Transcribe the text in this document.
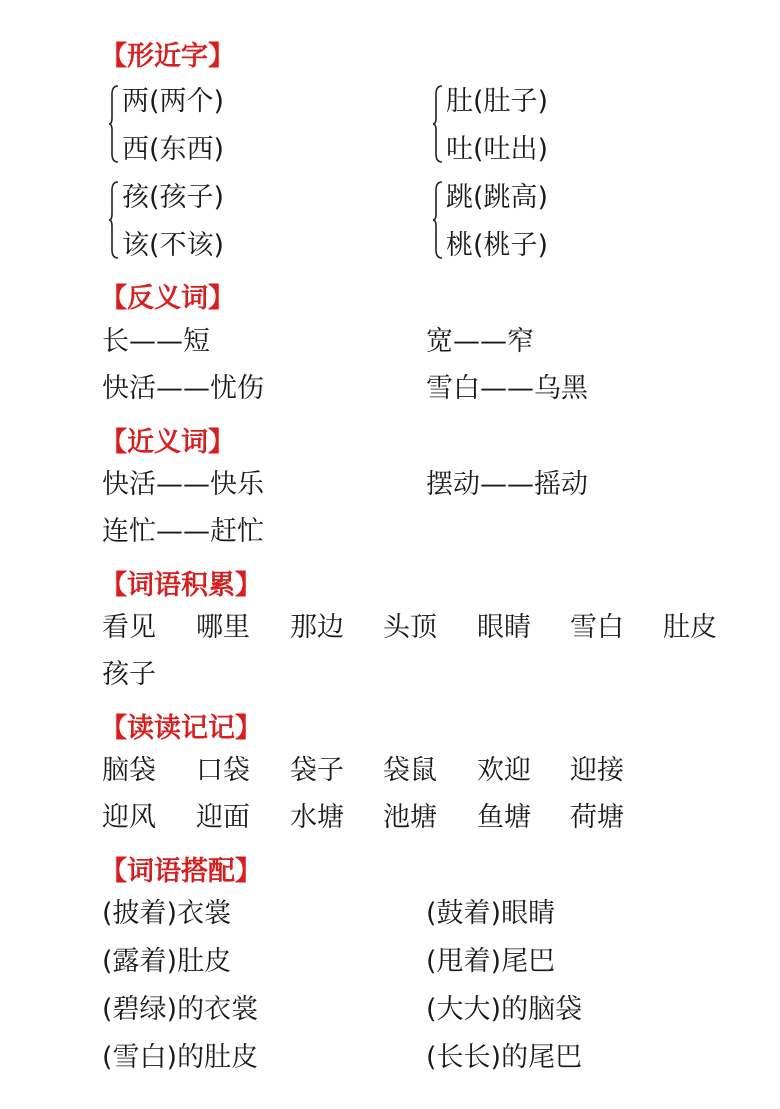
【形近字】
两(两个)
西(东西)
肚(肚子)
吐(吐出)
孩(孩子)
该(不该)
跳(跳高)
桃(桃子)
【反义词】
长——短	宽——窄
快活——忧伤	雪白——乌黑
【近义词】
快活——快乐	摆动——摇动
连忙——赶忙
【词语积累】
看见 哪里 那边 头顶 眼睛 雪白 肚皮
孩子
【读读记记】
脑袋 口袋 袋子 袋鼠 欢迎 迎接
迎风 迎面 水塘 池塘 鱼塘 荷塘
【词语搭配】
(披着)衣裳	(鼓着)眼睛
(露着)肚皮	(甩着)尾巴
(碧绿)的衣裳	(大大)的脑袋
(雪白)的肚皮	(长长)的尾巴
